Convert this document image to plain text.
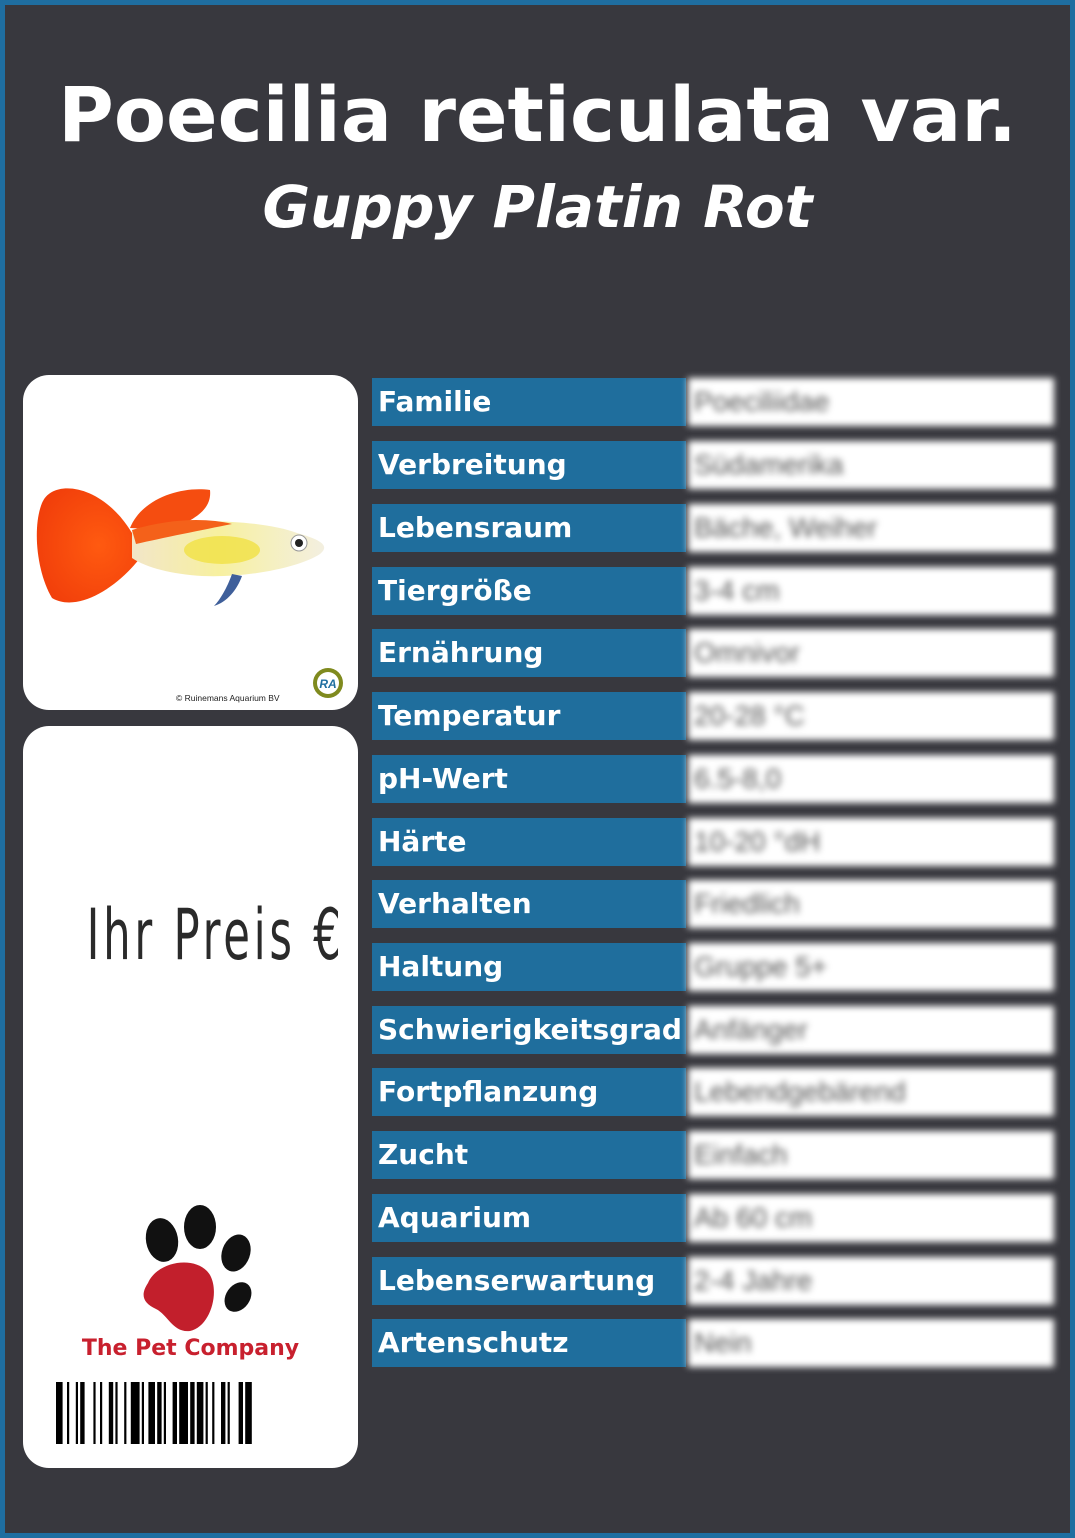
Poecilia reticulata var.
Guppy Platin Rot
RA
© Ruinemans Aquarium BV
Ihr Preis €
The Pet Company
Familie	Poeciliidae
Verbreitung	Südamerika
Lebensraum	Bäche, Weiher
Tiergröße	3-4 cm
Ernährung	Omnivor
Temperatur	20-28 °C
pH-Wert	6.5-8,0
Härte	10-20 °dH
Verhalten	Friedlich
Haltung	Gruppe 5+
Schwierigkeitsgrad Anfänger
Fortpflanzung	Lebendgebärend
Zucht	Einfach
Aquarium	Ab 60 cm
Lebenserwartung	2-4 Jahre
Artenschutz	Nein
